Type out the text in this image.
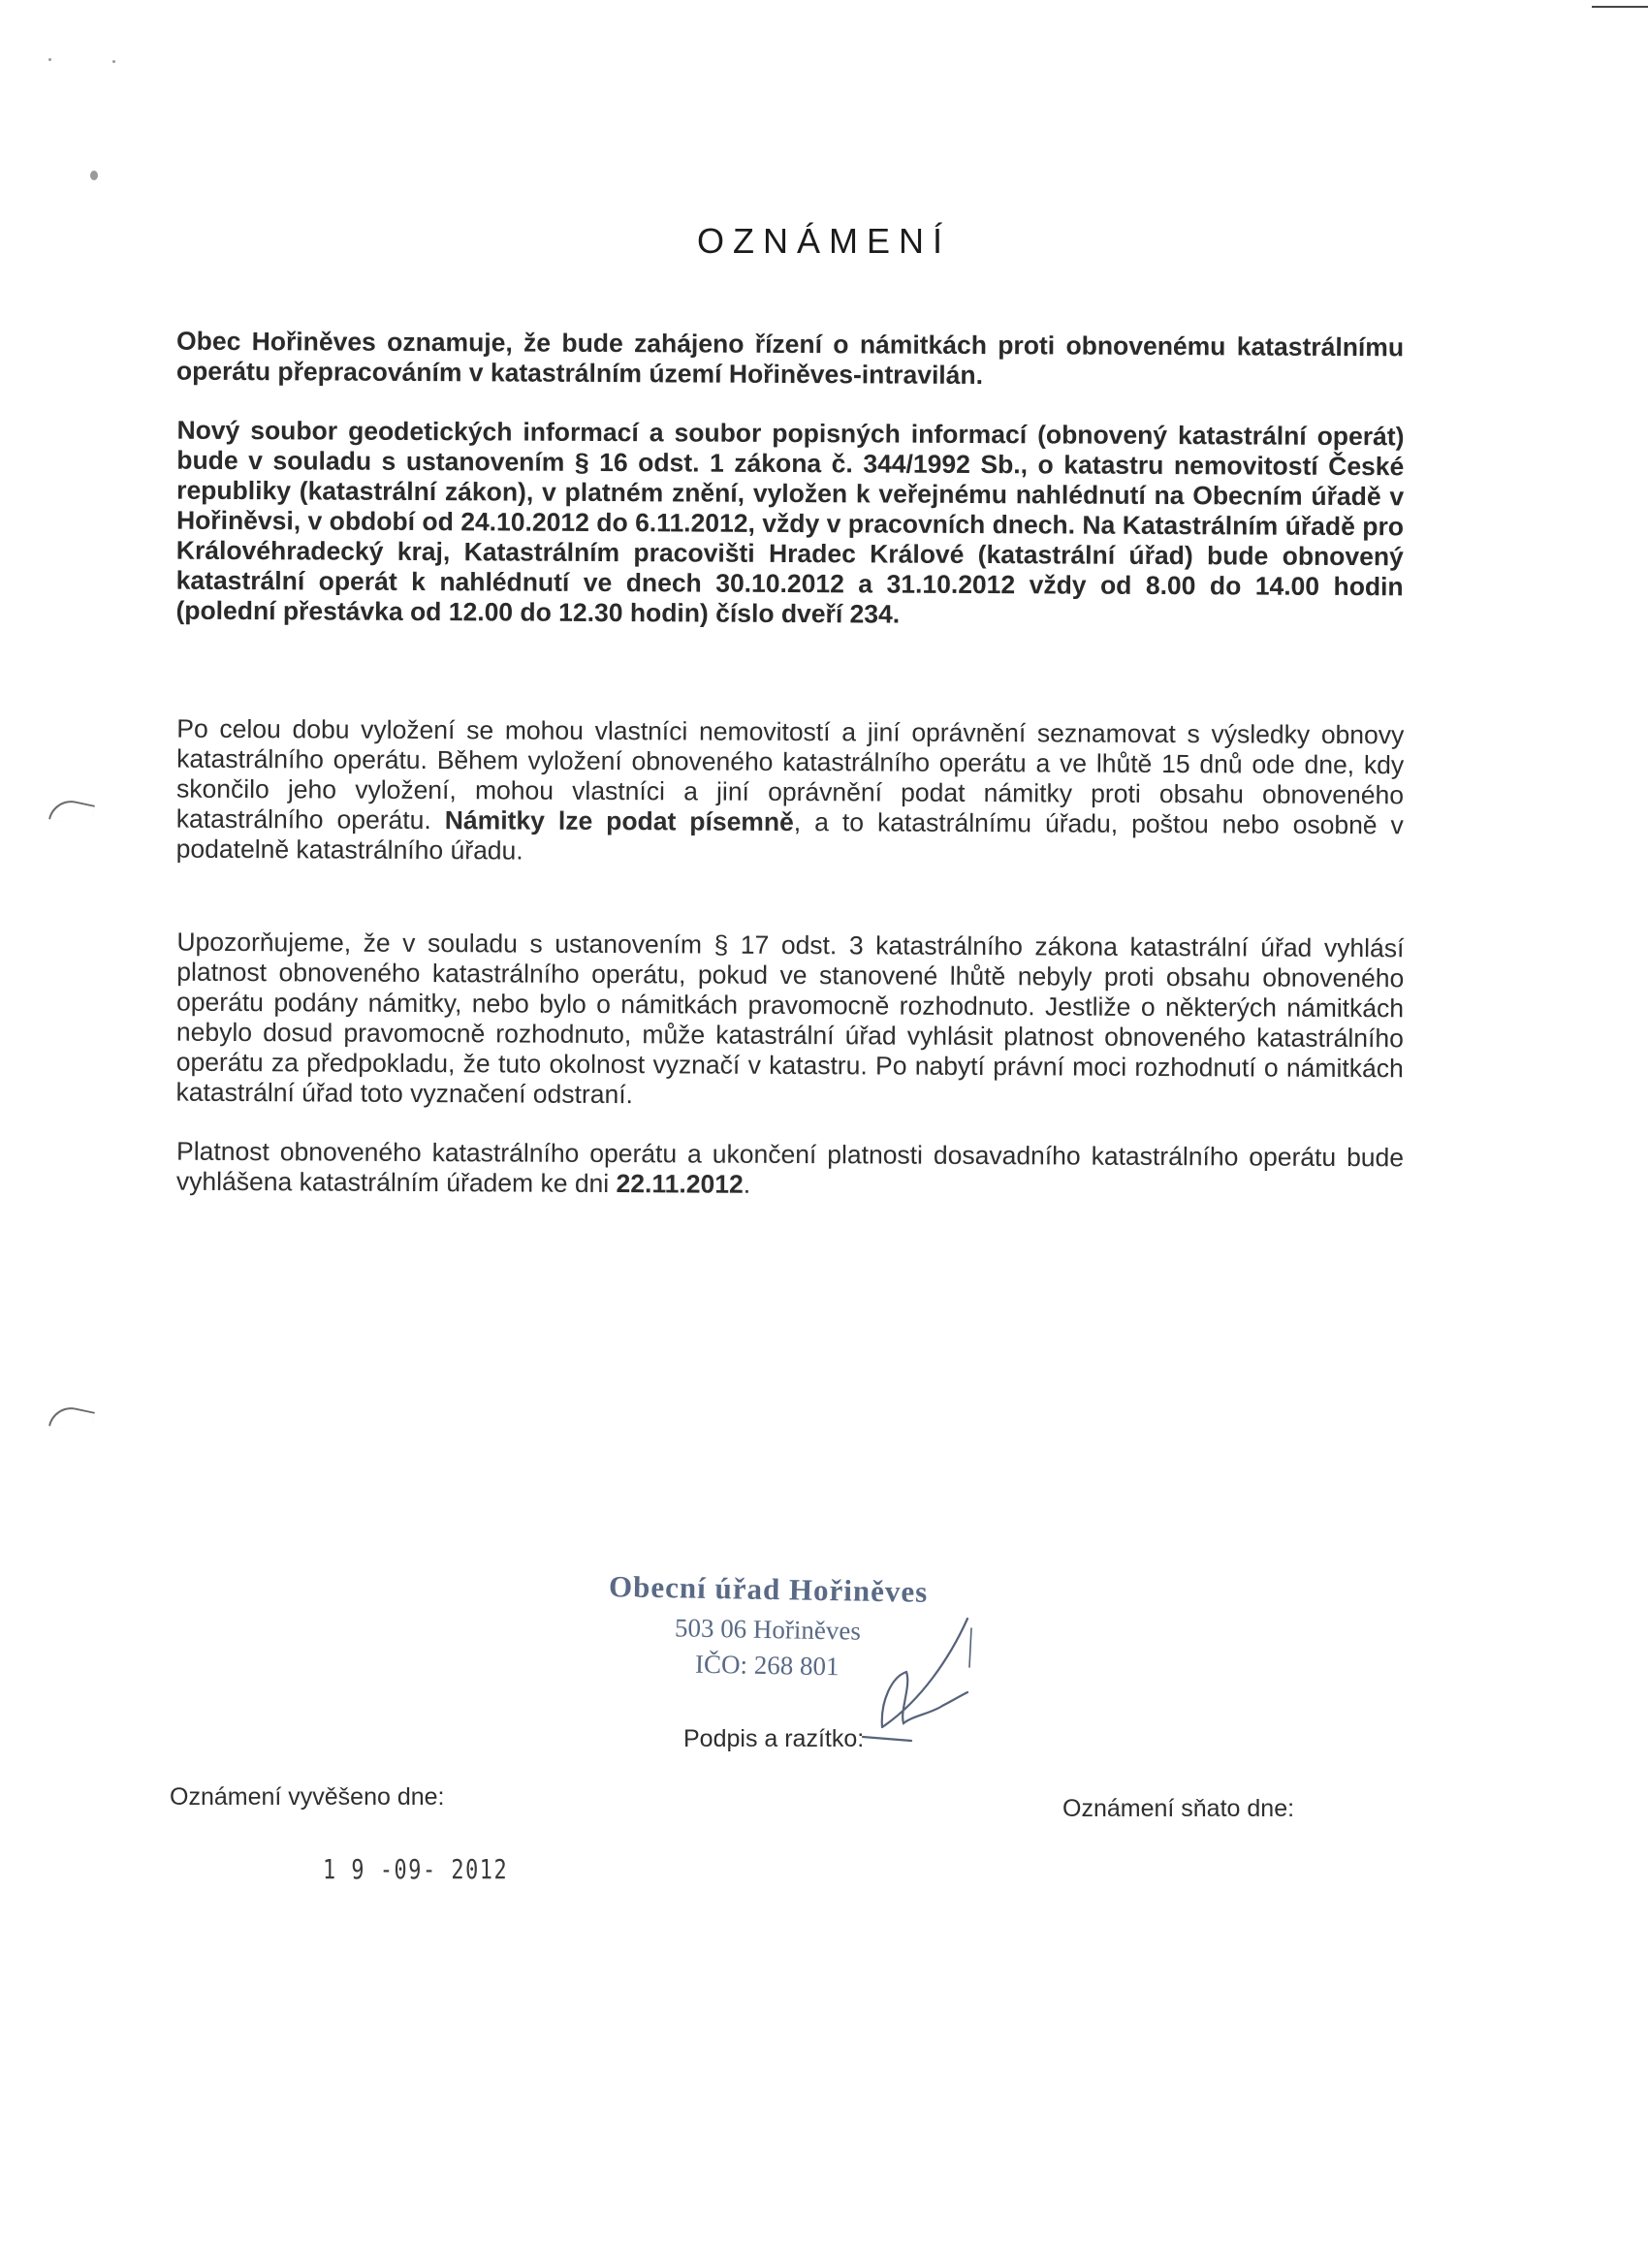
OZNÁMENÍ

Obec Hořiněves oznamuje, že bude zahájeno řízení o námitkách proti obnovenému katastrálnímu operátu přepracováním v katastrálním území Hořiněves-intravilán.

Nový soubor geodetických informací a soubor popisných informací (obnovený katastrální operát) bude v souladu s ustanovením § 16 odst. 1 zákona č. 344/1992 Sb., o katastru nemovitostí České republiky (katastrální zákon), v platném znění, vyložen k veřejnému nahlédnutí na Obecním úřadě v Hořiněvsi, v období od 24.10.2012 do 6.11.2012, vždy v pracovních dnech. Na Katastrálním úřadě pro Královéhradecký kraj, Katastrálním pracovišti Hradec Králové (katastrální úřad) bude obnovený katastrální operát k nahlédnutí ve dnech 30.10.2012 a 31.10.2012 vždy od 8.00 do 14.00 hodin (polední přestávka od 12.00 do 12.30 hodin) číslo dveří 234.

Po celou dobu vyložení se mohou vlastníci nemovitostí a jiní oprávnění seznamovat s výsledky obnovy katastrálního operátu. Během vyložení obnoveného katastrálního operátu a ve lhůtě 15 dnů ode dne, kdy skončilo jeho vyložení, mohou vlastníci a jiní oprávnění podat námitky proti obsahu obnoveného katastrálního operátu. Námitky lze podat písemně, a to katastrálnímu úřadu, poštou nebo osobně v podatelně katastrálního úřadu.

Upozorňujeme, že v souladu s ustanovením § 17 odst. 3 katastrálního zákona katastrální úřad vyhlásí platnost obnoveného katastrálního operátu, pokud ve stanovené lhůtě nebyly proti obsahu obnoveného operátu podány námitky, nebo bylo o námitkách pravomocně rozhodnuto. Jestliže o některých námitkách nebylo dosud pravomocně rozhodnuto, může katastrální úřad vyhlásit platnost obnoveného katastrálního operátu za předpokladu, že tuto okolnost vyznačí v katastru. Po nabytí právní moci rozhodnutí o námitkách katastrální úřad toto vyznačení odstraní.

Platnost obnoveného katastrálního operátu a ukončení platnosti dosavadního katastrálního operátu bude vyhlášena katastrálním úřadem ke dni 22.11.2012.

Obecní úřad Hořiněves
503 06 Hořiněves
IČO: 268 801
Podpis a razítko:
Oznámení vyvěšeno dne:	Oznámení sňato dne:
1 9 -09- 2012
